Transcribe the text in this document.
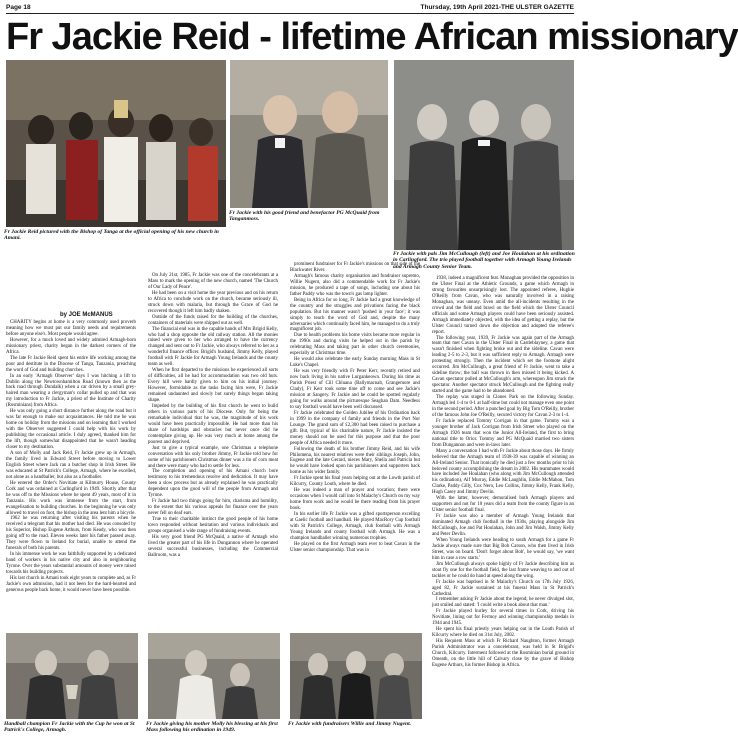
Page 18	Thursday, 19th April 2021-THE ULSTER GAZETTE
Fr Jackie Reid - lifetime African missionary
Fr Jackie Reid pictured with the Bishop of Tanga at the official opening of his new church in Amani.
Fr Jackie with his good friend and benefactor PG McQuaid from Tanganmoss.
Fr Jackie with pals Jim McCullough (left) and Joe Houlahan at his ordination in Carlingford. The trio played football together with Armagh Young Irelands and Armagh County Senior Team.
by JOE McMANUS

CHARITY begins at home is a very commonly used proverb meaning how we must put our family needs and requirements before anyone else's. Most people would agree.

However, for a much loved and widely admired Armagh-born missionary priest, charity began in the darkest corners of the Africa.

The late Fr Jackie Reid spent his entire life working among the poor and destitute in the Diocese of Tanga, Tanzania, preaching the word of God and building churches.

In an early 'Armagh Observer' days I was hitching a lift to Dublin along the Newtownhamilton Road (known then as the back road through Dundalk) when a car driven by a small grey-haired man wearing a clergyman's collar pulled up and that was my introduction to Fr Jackie, a priest of the Institute of Charity (Rosminians) from Africa.

He was only going a short distance further along the road but it was far enough to make our acquaintances. He told me he was home on holiday from the missions and on learning that I worked with the Observer suggested I could help with his work by publishing the occasional article. I duly agreed, thanked him for the lift, though somewhat disappointed that he wasn't heading closer to my destination.

A son of Molly and Jack Reid, Fr Jackie grew up in Armagh, the family lived in Edward Street before moving to Lower English Street where Jack ran a butcher shop in Irish Street. He was educated at St Patrick's College, Armagh, where he excelled, not alone as a handballer, but also as a footballer.

He entered the Order's Novitiate at Kilmurry House, County Cork and was ordained at Carlingford in 1949. Shortly after that he was off to the Missions where he spent 49 years, most of it in Tanzania. His work was immense from the start, from evangelisation to building churches. In the beginning he was only allowed to travel on foot, the bishop in the area lent him a bicycle.

1962 he was returning after visiting his parents when he received a telegram that his mother had died. He was consoled by his Superior, Bishop Eugene Arthurs, from Keady, who was then going off to the road. Eleven weeks later his father passed away. They were flown to Ireland for burial, unable to attend the funerals of both his parents.

In his immense work he was faithfully supported by a dedicated band of workers in his native city and also in neighbouring Tyrone. Over the years substantial amounts of money were raised towards his building projects.

His last church in Amani took eight years to complete and, as Fr Jackie's own admission, had it not been for the hard-hearted and generous people back home, it would never have been possible.

On July 21st, 1985, Fr Jackie was one of the concelebrants at a Mass to mark the opening of the new church, named 'The Church of Our Lady of Peace'.

He had been on a visit home the year previous and on his return to Africa to conclude work on the church, became seriously ill, struck down with malaria, but through the Grace of God he recovered though it left him badly shaken.

Outside of the funds raised for the building of the churches, containers of materials were shipped out as well.

The financial end was in the capable hands of Mrs Brigid Kelly, who had a shop opposite the old railway station. All the monies raised were given to her who arranged to have the currency changed and sent out to Fr Jackie, who always referred to her as a wonderful finance officer. Brigid's husband, Jimmy Kelly, played football with Fr Jackie for Armagh Young Irelands and the county team as well.

When he first departed to the missions he experienced all sorts of difficulties, all he had for accommodation was two old huts. Every hill were hardly given to him on his initial journey. However, formidable as the tasks facing him were, Fr Jackie remained undaunted and slowly but surely things began taking shape.

Impeded by the building of his first church he went to build others in various parts of his Diocese. Only for being the remarkable individual that he was, the magnitude of his work would have been practically impossible. He had more than his share of hardships and obstacles but never once did he contemplate giving up. He was very much at home among the poorest and deprived.

Just to give a typical example, one Christmas a telephone conversation with his only brother Jimmy, Fr Jackie told how for some of his parishioners Christmas dinner was a tin of corn meat and there were many who had to settle for less.

The completion and opening of his Amani church bore testimony to his tremendous resolve and dedication. It may have been a slow process but as already explained he was practically dependent upon the good will of the people from Armagh and Tyrone.

Fr Jackie had two things going for him, charisma and humility, to the extent that his various appeals for finance over the years never fell on deaf ears.

True to their charitable instinct the good people of his home town responded without hesitation and various individuals and groups organised a wide range of fundraising events.

His very good friend PG McQuaid, a native of Armagh who lived the greater part of his life in Dungannon where he operated several successful businesses, including the Commercial Ballroom, was a

prominent fundraiser for Fr Jackie's missions on that side of the Blackwater River.

Armagh's famous charity organisation and fundraiser supremo, Willie Nugent, also did a commendable work for Fr Jackie's mission, he produced a tape of songs, including one about his father Paddy who was the town's gas lamp lighter.

Being in Africa for so long, Fr Jackie had a great knowledge of the country and the struggles and privations facing the black population. But his manner wasn't 'pushed in your face'; it was simply to teach the word of God and, despite the many adversaries which continually faced him, he managed to do a truly magnificent job.

Due to health problems his home visits became more regular in the 1990s and during visits he helped out in the parish by celebrating Mass and taking part in other church ceremonies, especially at Christmas time.

He would also celebrate the early Sunday morning Mass in St Luke's Chapel.

He was very friendly with Fr Peter Kerr, recently retired and now back living in his native Lurgankeown. During his time as Parish Priest of Cill Chluana (Ballymacnab, Grangemore and Clady), Fr Kerr took some time off to come and see Jackie's mission at Sangery. Fr Jackie and he could be spotted regularly going for walks around the picturesque Seaghan Dam. Needless to say football would have been well discussed.

Fr Jackie celebrated the Golden Jubilee of his Ordination back in 1999 in the company of family and friends in the Port Nor Lounge. The grand sum of £2,300 had been raised to purchase a gift. But, typical of his charitable nature, Fr Jackie insisted the money should not be used for this purpose and that the poor people of Africa needed it more.

Following the death of his brother Jimmy Reid, and his wife Philomena, his nearest relatives were their siblings Joseph, John, Eugene and the late Gerard, nieces Mary, Sheila and Patricia but he would have looked upon his parishioners and supporters back home as his wider family.

Fr Jackie spent his final years helping out at the Lowth parish of Kilcurry, County Louth, where he died.

He was indeed a man of prayer and vocation; there were occasions when I would call into St Malachy's Church on my way home from work and he would be there reading from his prayer book.

In his earlier life Fr Jackie was a gifted sportsperson excelling at Gaelic football and handball. He played MacRory Cup football with St Patrick's College, Armagh, club football with Armagh Young Irelands and county football with Armagh. He was a champion handballer winning numerous trophies.

He played on the first Armagh team ever to beat Cavan in the Ulster senior championship. That was in

1938, indeed a magnificent feat. Monaghan provided the opposition in the Ulster Final at the Athletic Grounds, a game which Armagh in strong favourites unsurprisingly lost. The appointed referee, Hughie O'Reilly from Cavan, who was naturally involved in a raising Monaghan, was uneasy. Even amid the all-incidents resulting in the crowd and the field and brawl on the field which the Ulster Council officials and some Armagh players could have been seriously assisted. Armagh immediately objected, with the idea of getting a replay, but the Ulster Council turned down the objection and adopted the referee's report.

The following year, 1939, Fr Jackie was again part of the Armagh team that met Cavan in the Ulster Final in Castleblayney, a game that wasn't finished when fighting broke out and the sideline. Cavan were leading 2-5 to 2-3, but it was sufficient reply to Armagh. Armagh were protesting strongly. Then the incident which set the footnote alight occurred. Jim McCullough, a great friend of Fr Jackie, went to take a sideline throw; the ball was thrown in then missed it being kicked. A Cavan spectator pulled at McCullough's arm, whereupon Jim struck the spectator. Another spectator struck McCullough and the fighting really started and the game had to be abandoned.

The replay was staged in Clones Park on the following Sunday. Armagh led 1-4 to 0-1 at half-time but could not manage even one point in the second period. After a punched goal by Big Tom O'Reilly, brother of the famous John Joe O'Reilly, secured victory for Cavan 2-3 to 1-4.

Fr Jackie replaced Tommy Corrigan in that game. Tommy was a younger brother of Jack Corrigan from Irish Street who played on the Armagh 1926 team that won the Junior All-Ireland, the first to bring national title to Orior. Tommy and PG McQuaid married two sisters from Dungannon and were in-laws later.

Many a conversation I had with Fr Jackie about those days. He firmly believed that the Armagh team of 1938-39 was capable of winning an All-Ireland Senior. That ironically he died just a few months prior to his beloved county accomplishing the dream in 2002. His teammates would have included Joe Houlahan (who along with Jim McCullough attended his ordination), Alf Murray, Eddie McLaughlin, Eddie McMahon, Tom Clarke, Paddy Gilly, Cox Nero, Leo Collins, Jimmy Kelly, Frank Kelly, Hugh Casey and Jimmy Devlin.

With the latter, however, demoralised both Armagh players and supporters and not for 10 years did a team from the county figure in an Ulster senior football final.

Fr Jackie was also a member of Armagh Young Irelands that dominated Armagh club football in the 1930s, playing alongside Jim McCullough, Joe and Pat Houlahan, John and Jim Walsh, Jimmy Kelly and Peter Devlin.

When Young Irelands were heading to south Armagh for a game Fr Jackie always made sure that Big Bob Carson, who then lived in Irish Street, was on board. 'Don't forget about Bob', he would say, 'we want him in case a row starts.'

Jim McCullough always spoke highly of Fr Jackie describing him as stout fly one for the football field, the last frame weaving to and out of tackles or he could do hand at speed along the wing.

Fr Jackie was baptised in St Malachy's Church on 17th July 1926, aged 82, Fr Jackie sustained at his funeral Mass in St Patrick's Cathedral.

I remember asking Fr Jackie about the legend; he never divulged slot, just smiled and stated: 'I could write a book about that man.'

Fr Jackie played hurley for several times in Cork, driving his Novitiate, lining out for Fermoy and winning championship medals in 1944 and 1945.

He spent his final priestly years helping out in the Louth Parish of Kilcurry where he died on 31st July, 2002.

His Requiem Mass at which Fr Richard Naughton, former Armagh Parish Administrator was a concelebrant, was held in St Brigid's Church, Kilcurry. Interment followed at the Rosminian burial ground in Omeath, on the little hill of Calvary close by the grave of Bishop Eugene Arthurs, his former Bishop in Africa.

Handball champion Fr Jackie with the Cup he won at St Patrick's College, Armagh.
Fr Jackie giving his mother Molly his blessing at his first Mass following his ordination in 1949.
Fr Jackie with fundraisers Willie and Jimmy Nugent.
